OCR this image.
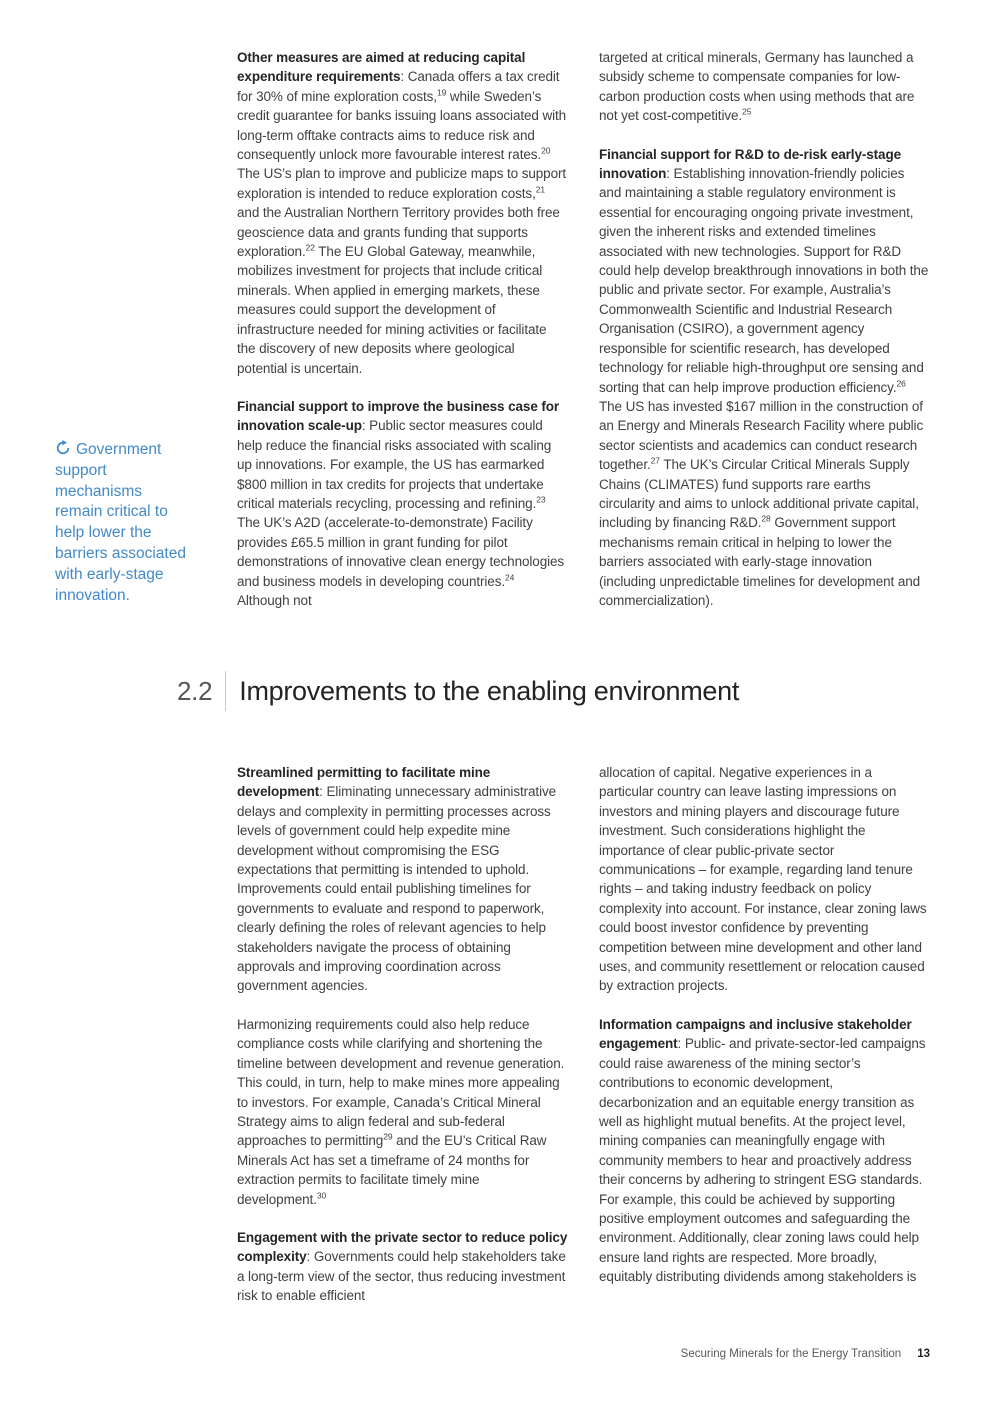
Other measures are aimed at reducing capital expenditure requirements: Canada offers a tax credit for 30% of mine exploration costs,$^{19}$ while Sweden’s credit guarantee for banks issuing loans associated with long-term offtake contracts aims to reduce risk and consequently unlock more favourable interest rates.$^{20}$ The US’s plan to improve and publicize maps to support exploration is intended to reduce exploration costs,$^{21}$ and the Australian Northern Territory provides both free geoscience data and grants funding that supports exploration.$^{22}$ The EU Global Gateway, meanwhile, mobilizes investment for projects that include critical minerals. When applied in emerging markets, these measures could support the development of infrastructure needed for mining activities or facilitate the discovery of new deposits where geological potential is uncertain.

Financial support to improve the business case for innovation scale-up: Public sector measures could help reduce the financial risks associated with scaling up innovations. For example, the US has earmarked $800 million in tax credits for projects that undertake critical materials recycling, processing and refining.$^{23}$ The UK’s A2D (accelerate-to-demonstrate) Facility provides £65.5 million in grant funding for pilot demonstrations of innovative clean energy technologies and business models in developing countries.$^{24}$ Although not

targeted at critical minerals, Germany has launched a subsidy scheme to compensate companies for low-carbon production costs when using methods that are not yet cost-competitive.$^{25}$

Financial support for R&D to de-risk early-stage innovation: Establishing innovation-friendly policies and maintaining a stable regulatory environment is essential for encouraging ongoing private investment, given the inherent risks and extended timelines associated with new technologies. Support for R&D could help develop breakthrough innovations in both the public and private sector. For example, Australia’s Commonwealth Scientific and Industrial Research Organisation (CSIRO), a government agency responsible for scientific research, has developed technology for reliable high-throughput ore sensing and sorting that can help improve production efficiency.$^{26}$ The US has invested $167 million in the construction of an Energy and Minerals Research Facility where public sector scientists and academics can conduct research together.$^{27}$ The UK’s Circular Critical Minerals Supply Chains (CLIMATES) fund supports rare earths circularity and aims to unlock additional private capital, including by financing R&D.$^{28}$ Government support mechanisms remain critical in helping to lower the barriers associated with early-stage innovation (including unpredictable timelines for development and commercialization).

Government support mechanisms remain critical to help lower the barriers associated with early-stage innovation.
2.2 Improvements to the enabling environment

Streamlined permitting to facilitate mine development: Eliminating unnecessary administrative delays and complexity in permitting processes across levels of government could help expedite mine development without compromising the ESG expectations that permitting is intended to uphold. Improvements could entail publishing timelines for governments to evaluate and respond to paperwork, clearly defining the roles of relevant agencies to help stakeholders navigate the process of obtaining approvals and improving coordination across government agencies.

Harmonizing requirements could also help reduce compliance costs while clarifying and shortening the timeline between development and revenue generation. This could, in turn, help to make mines more appealing to investors. For example, Canada’s Critical Mineral Strategy aims to align federal and sub-federal approaches to permitting$^{29}$ and the EU’s Critical Raw Minerals Act has set a timeframe of 24 months for extraction permits to facilitate timely mine development.$^{30}$

Engagement with the private sector to reduce policy complexity: Governments could help stakeholders take a long-term view of the sector, thus reducing investment risk to enable efficient

allocation of capital. Negative experiences in a particular country can leave lasting impressions on investors and mining players and discourage future investment. Such considerations highlight the importance of clear public-private sector communications – for example, regarding land tenure rights – and taking industry feedback on policy complexity into account. For instance, clear zoning laws could boost investor confidence by preventing competition between mine development and other land uses, and community resettlement or relocation caused by extraction projects.

Information campaigns and inclusive stakeholder engagement: Public- and private-sector-led campaigns could raise awareness of the mining sector’s contributions to economic development, decarbonization and an equitable energy transition as well as highlight mutual benefits. At the project level, mining companies can meaningfully engage with community members to hear and proactively address their concerns by adhering to stringent ESG standards. For example, this could be achieved by supporting positive employment outcomes and safeguarding the environment. Additionally, clear zoning laws could help ensure land rights are respected. More broadly, equitably distributing dividends among stakeholders is

Securing Minerals for the Energy Transition 13
